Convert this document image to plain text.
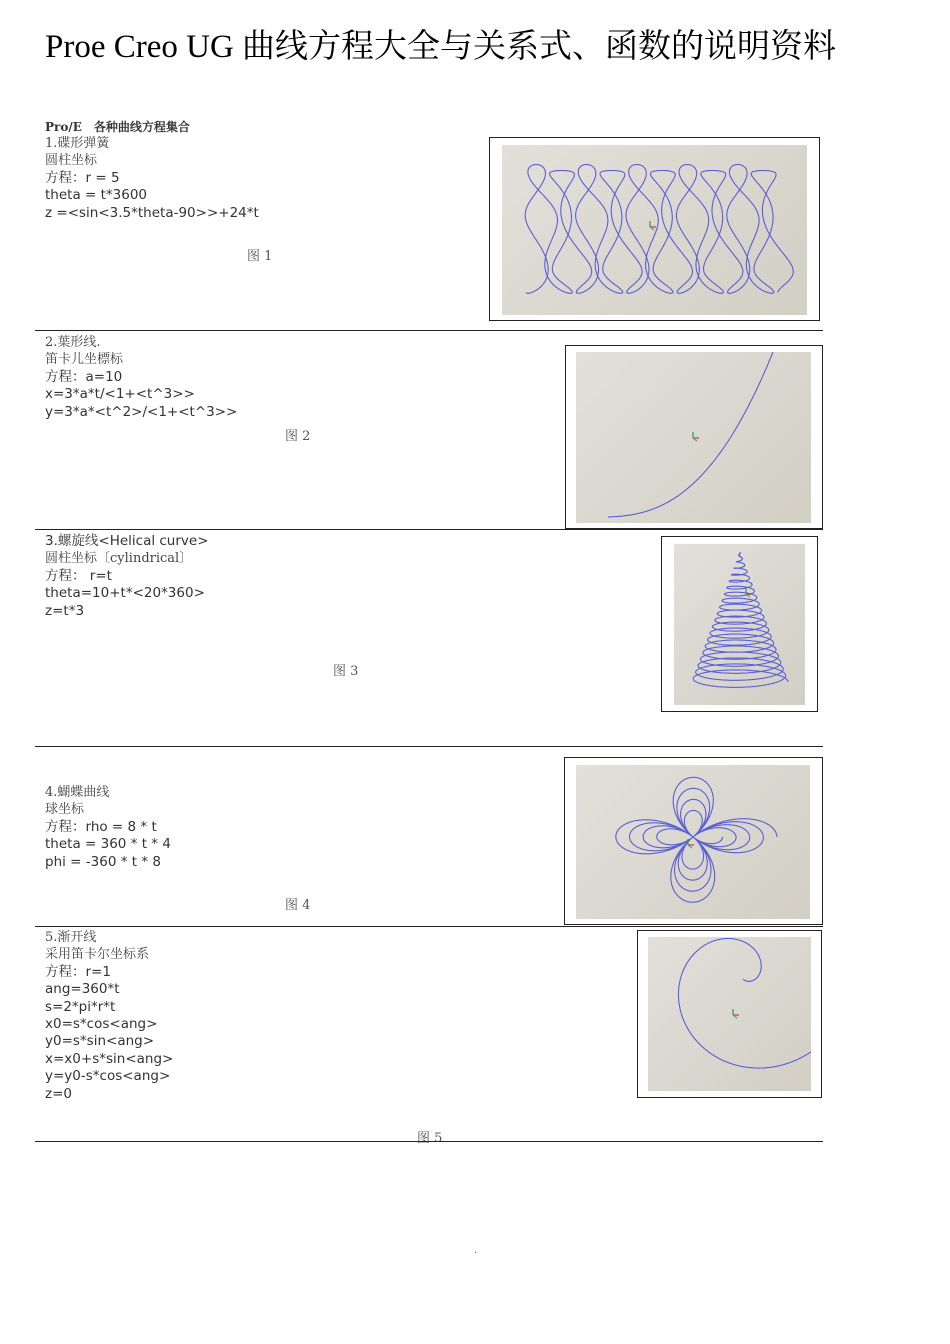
Proe Creo UG 曲线方程大全与关系式、函数的说明资料
Pro/E　各种曲线方程集合
1.碟形弹簧
圆柱坐标
方程：r = 5
theta = t*3600
z =<sin<3.5*theta-90>>+24*t
图 1
2.葉形线.
笛卡儿坐標标
方程：a=10
x=3*a*t/<1+<t^3>>
y=3*a*<t^2>/<1+<t^3>>
图 2
3.螺旋线<Helical curve>
圆柱坐标〔cylindrical〕
方程： r=t
theta=10+t*<20*360>
z=t*3
图 3
4.蝴蝶曲线
球坐标
方程：rho = 8 * t
theta = 360 * t * 4
phi = -360 * t * 8
图 4
5.渐开线
采用笛卡尔坐标系
方程：r=1
ang=360*t
s=2*pi*r*t
x0=s*cos<ang>
y0=s*sin<ang>
x=x0+s*sin<ang>
y=y0-s*cos<ang>
z=0
图 5
.
